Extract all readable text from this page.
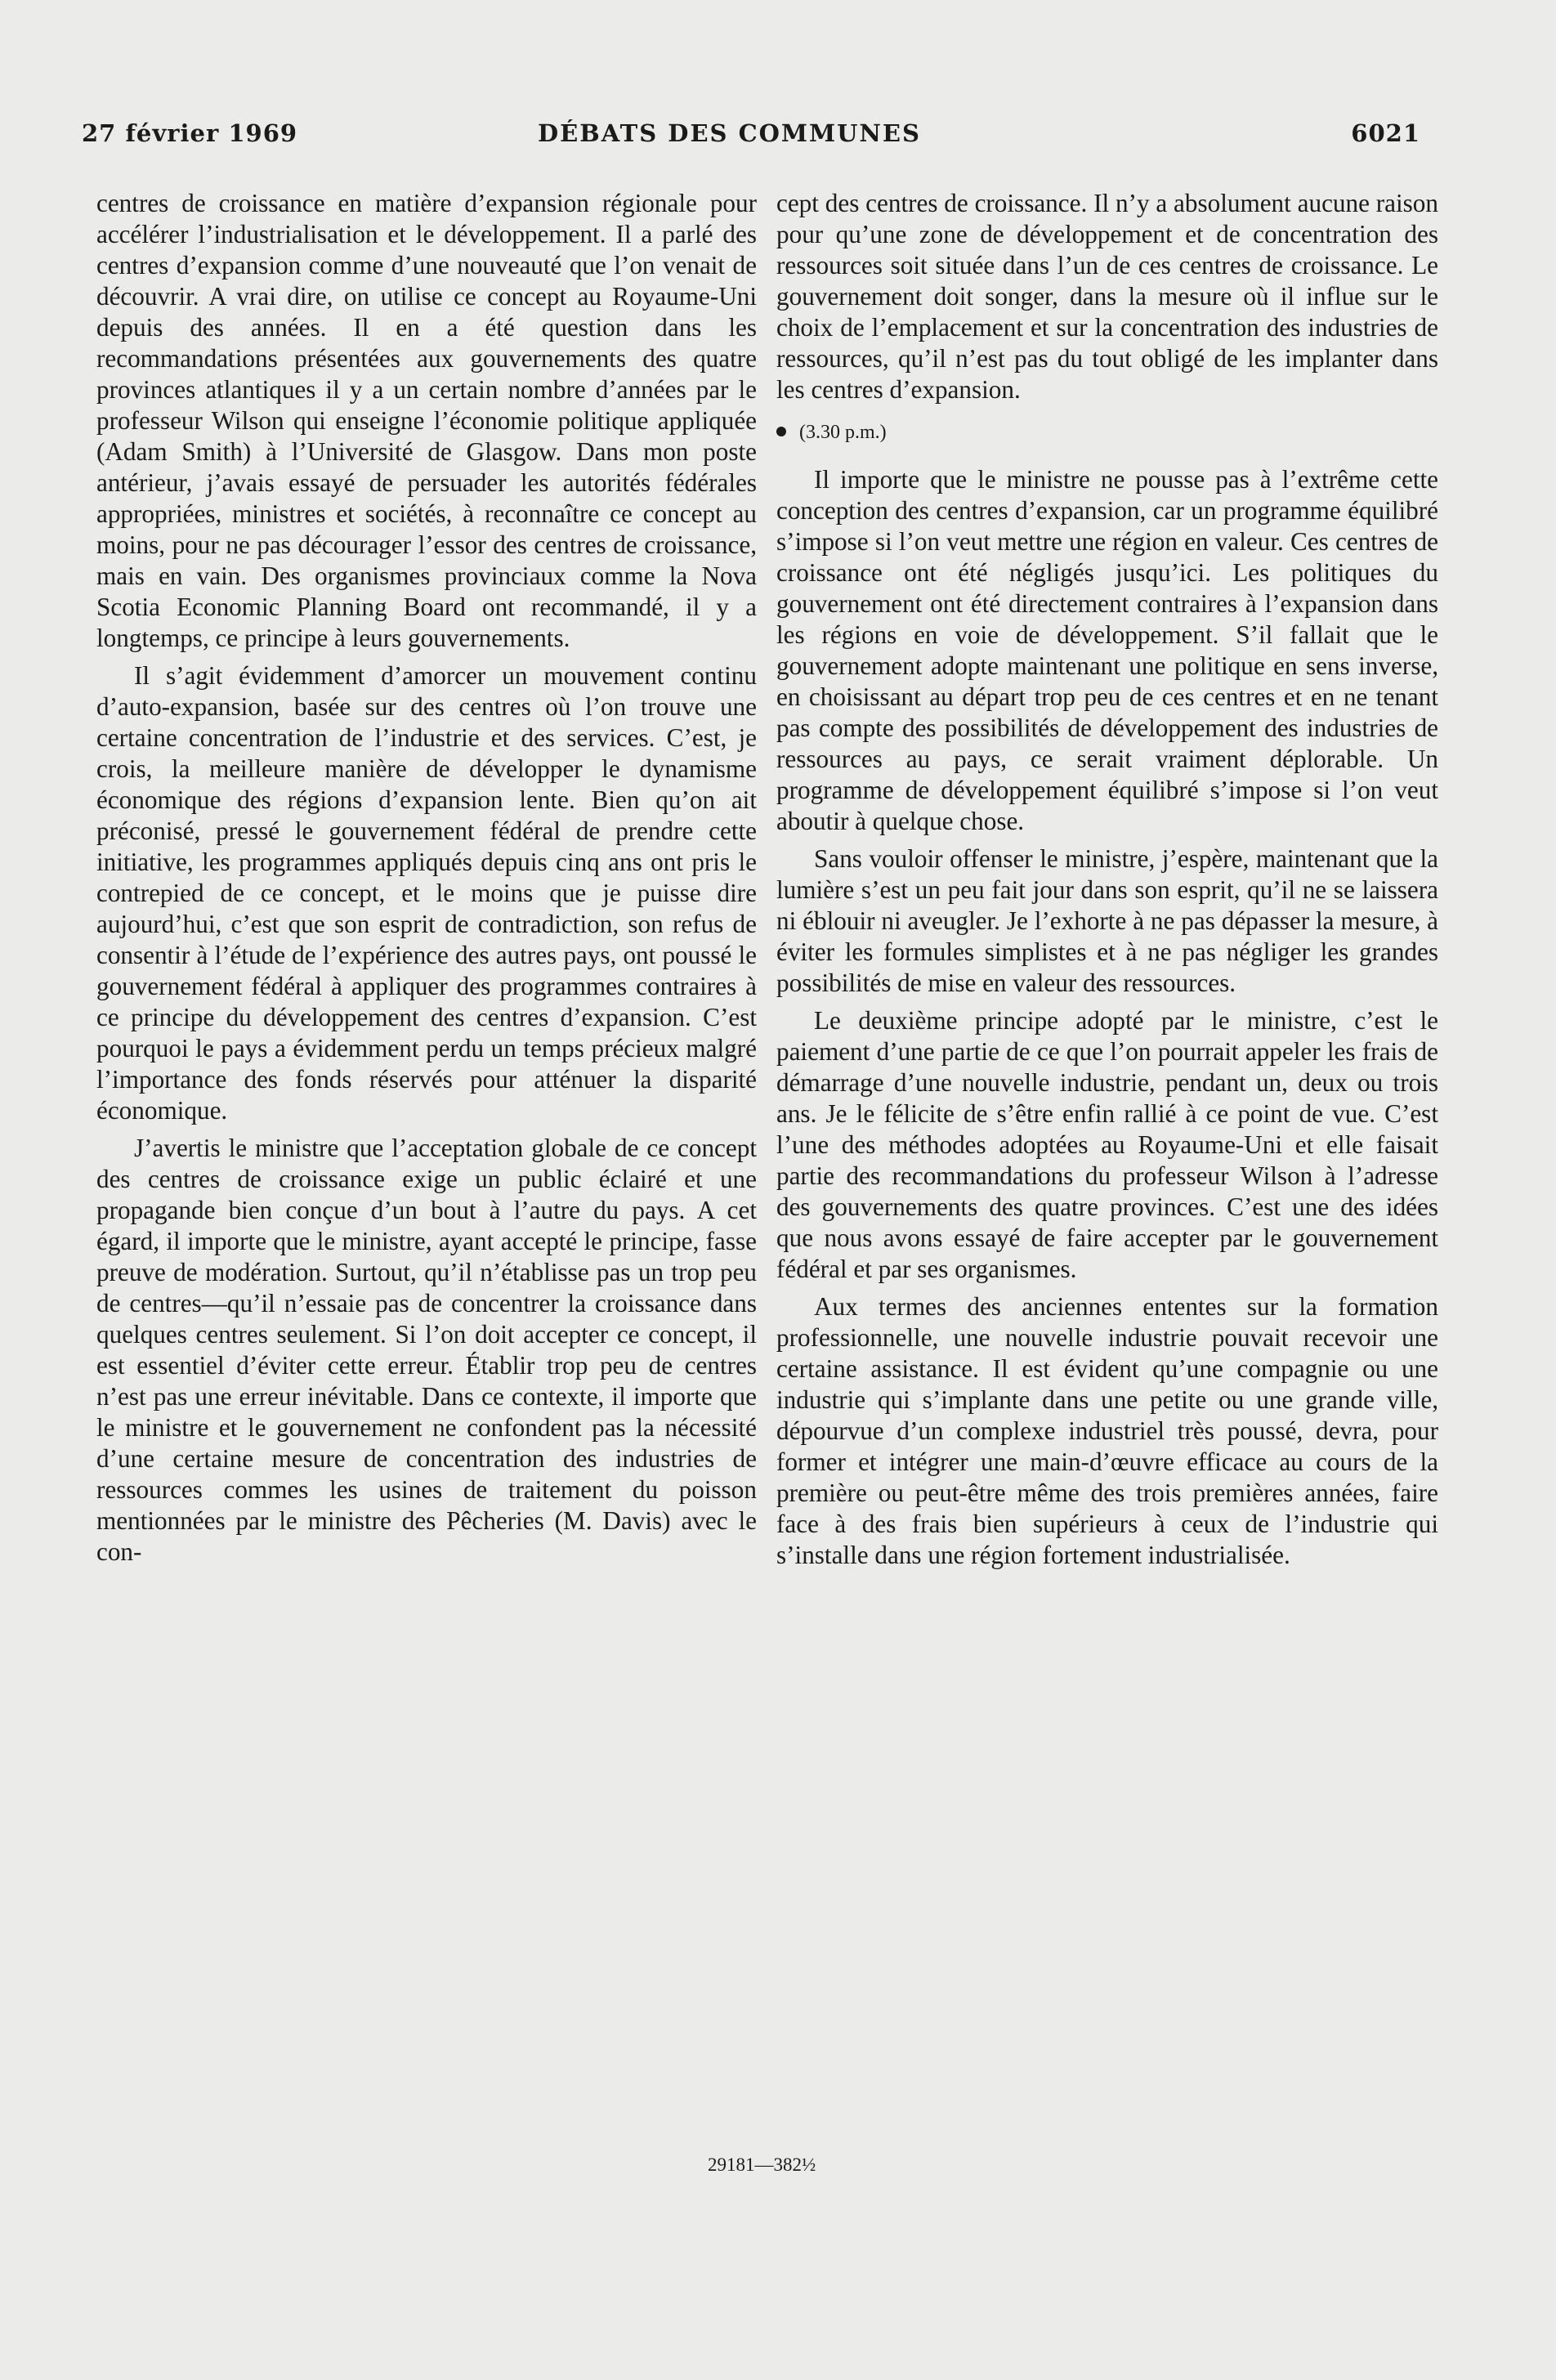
27 février 1969	DÉBATS DES COMMUNES	6021

centres de croissance en matière d’expansion régionale pour accélérer l’industrialisation et le développement. Il a parlé des centres d’expansion comme d’une nouveauté que l’on venait de découvrir. A vrai dire, on utilise ce concept au Royaume-Uni depuis des années. Il en a été question dans les recommandations présentées aux gouvernements des quatre provinces atlantiques il y a un certain nombre d’années par le professeur Wilson qui enseigne l’économie politique appliquée (Adam Smith) à l’Université de Glasgow. Dans mon poste antérieur, j’avais essayé de persuader les autorités fédérales appropriées, ministres et sociétés, à reconnaître ce concept au moins, pour ne pas décourager l’essor des centres de croissance, mais en vain. Des organismes provinciaux comme la Nova Scotia Economic Planning Board ont recommandé, il y a longtemps, ce principe à leurs gouvernements.

Il s’agit évidemment d’amorcer un mouvement continu d’auto-expansion, basée sur des centres où l’on trouve une certaine concentration de l’industrie et des services. C’est, je crois, la meilleure manière de développer le dynamisme économique des régions d’expansion lente. Bien qu’on ait préconisé, pressé le gouvernement fédéral de prendre cette initiative, les programmes appliqués depuis cinq ans ont pris le contrepied de ce concept, et le moins que je puisse dire aujourd’hui, c’est que son esprit de contradiction, son refus de consentir à l’étude de l’expérience des autres pays, ont poussé le gouvernement fédéral à appliquer des programmes contraires à ce principe du développement des centres d’expansion. C’est pourquoi le pays a évidemment perdu un temps précieux malgré l’importance des fonds réservés pour atténuer la disparité économique.

J’avertis le ministre que l’acceptation globale de ce concept des centres de croissance exige un public éclairé et une propagande bien conçue d’un bout à l’autre du pays. A cet égard, il importe que le ministre, ayant accepté le principe, fasse preuve de modération. Surtout, qu’il n’établisse pas un trop peu de centres—qu’il n’essaie pas de concentrer la croissance dans quelques centres seulement. Si l’on doit accepter ce concept, il est essentiel d’éviter cette erreur. Établir trop peu de centres n’est pas une erreur inévitable. Dans ce contexte, il importe que le ministre et le gouvernement ne confondent pas la nécessité d’une certaine mesure de concentration des industries de ressources commes les usines de traitement du poisson mentionnées par le ministre des Pêcheries (M. Davis) avec le con-

cept des centres de croissance. Il n’y a absolument aucune raison pour qu’une zone de développement et de concentration des ressources soit située dans l’un de ces centres de croissance. Le gouvernement doit songer, dans la mesure où il influe sur le choix de l’emplacement et sur la concentration des industries de ressources, qu’il n’est pas du tout obligé de les implanter dans les centres d’expansion.

(3.30 p.m.)

Il importe que le ministre ne pousse pas à l’extrême cette conception des centres d’expansion, car un programme équilibré s’impose si l’on veut mettre une région en valeur. Ces centres de croissance ont été négligés jusqu’ici. Les politiques du gouvernement ont été directement contraires à l’expansion dans les régions en voie de développement. S’il fallait que le gouvernement adopte maintenant une politique en sens inverse, en choisissant au départ trop peu de ces centres et en ne tenant pas compte des possibilités de développement des industries de ressources au pays, ce serait vraiment déplorable. Un programme de développement équilibré s’impose si l’on veut aboutir à quelque chose.

Sans vouloir offenser le ministre, j’espère, maintenant que la lumière s’est un peu fait jour dans son esprit, qu’il ne se laissera ni éblouir ni aveugler. Je l’exhorte à ne pas dépasser la mesure, à éviter les formules simplistes et à ne pas négliger les grandes possibilités de mise en valeur des ressources.

Le deuxième principe adopté par le ministre, c’est le paiement d’une partie de ce que l’on pourrait appeler les frais de démarrage d’une nouvelle industrie, pendant un, deux ou trois ans. Je le félicite de s’être enfin rallié à ce point de vue. C’est l’une des méthodes adoptées au Royaume-Uni et elle faisait partie des recommandations du professeur Wilson à l’adresse des gouvernements des quatre provinces. C’est une des idées que nous avons essayé de faire accepter par le gouvernement fédéral et par ses organismes.

Aux termes des anciennes ententes sur la formation professionnelle, une nouvelle industrie pouvait recevoir une certaine assistance. Il est évident qu’une compagnie ou une industrie qui s’implante dans une petite ou une grande ville, dépourvue d’un complexe industriel très poussé, devra, pour former et intégrer une main-d’œuvre efficace au cours de la première ou peut-être même des trois premières années, faire face à des frais bien supérieurs à ceux de l’industrie qui s’installe dans une région fortement industrialisée.

29181—382½
